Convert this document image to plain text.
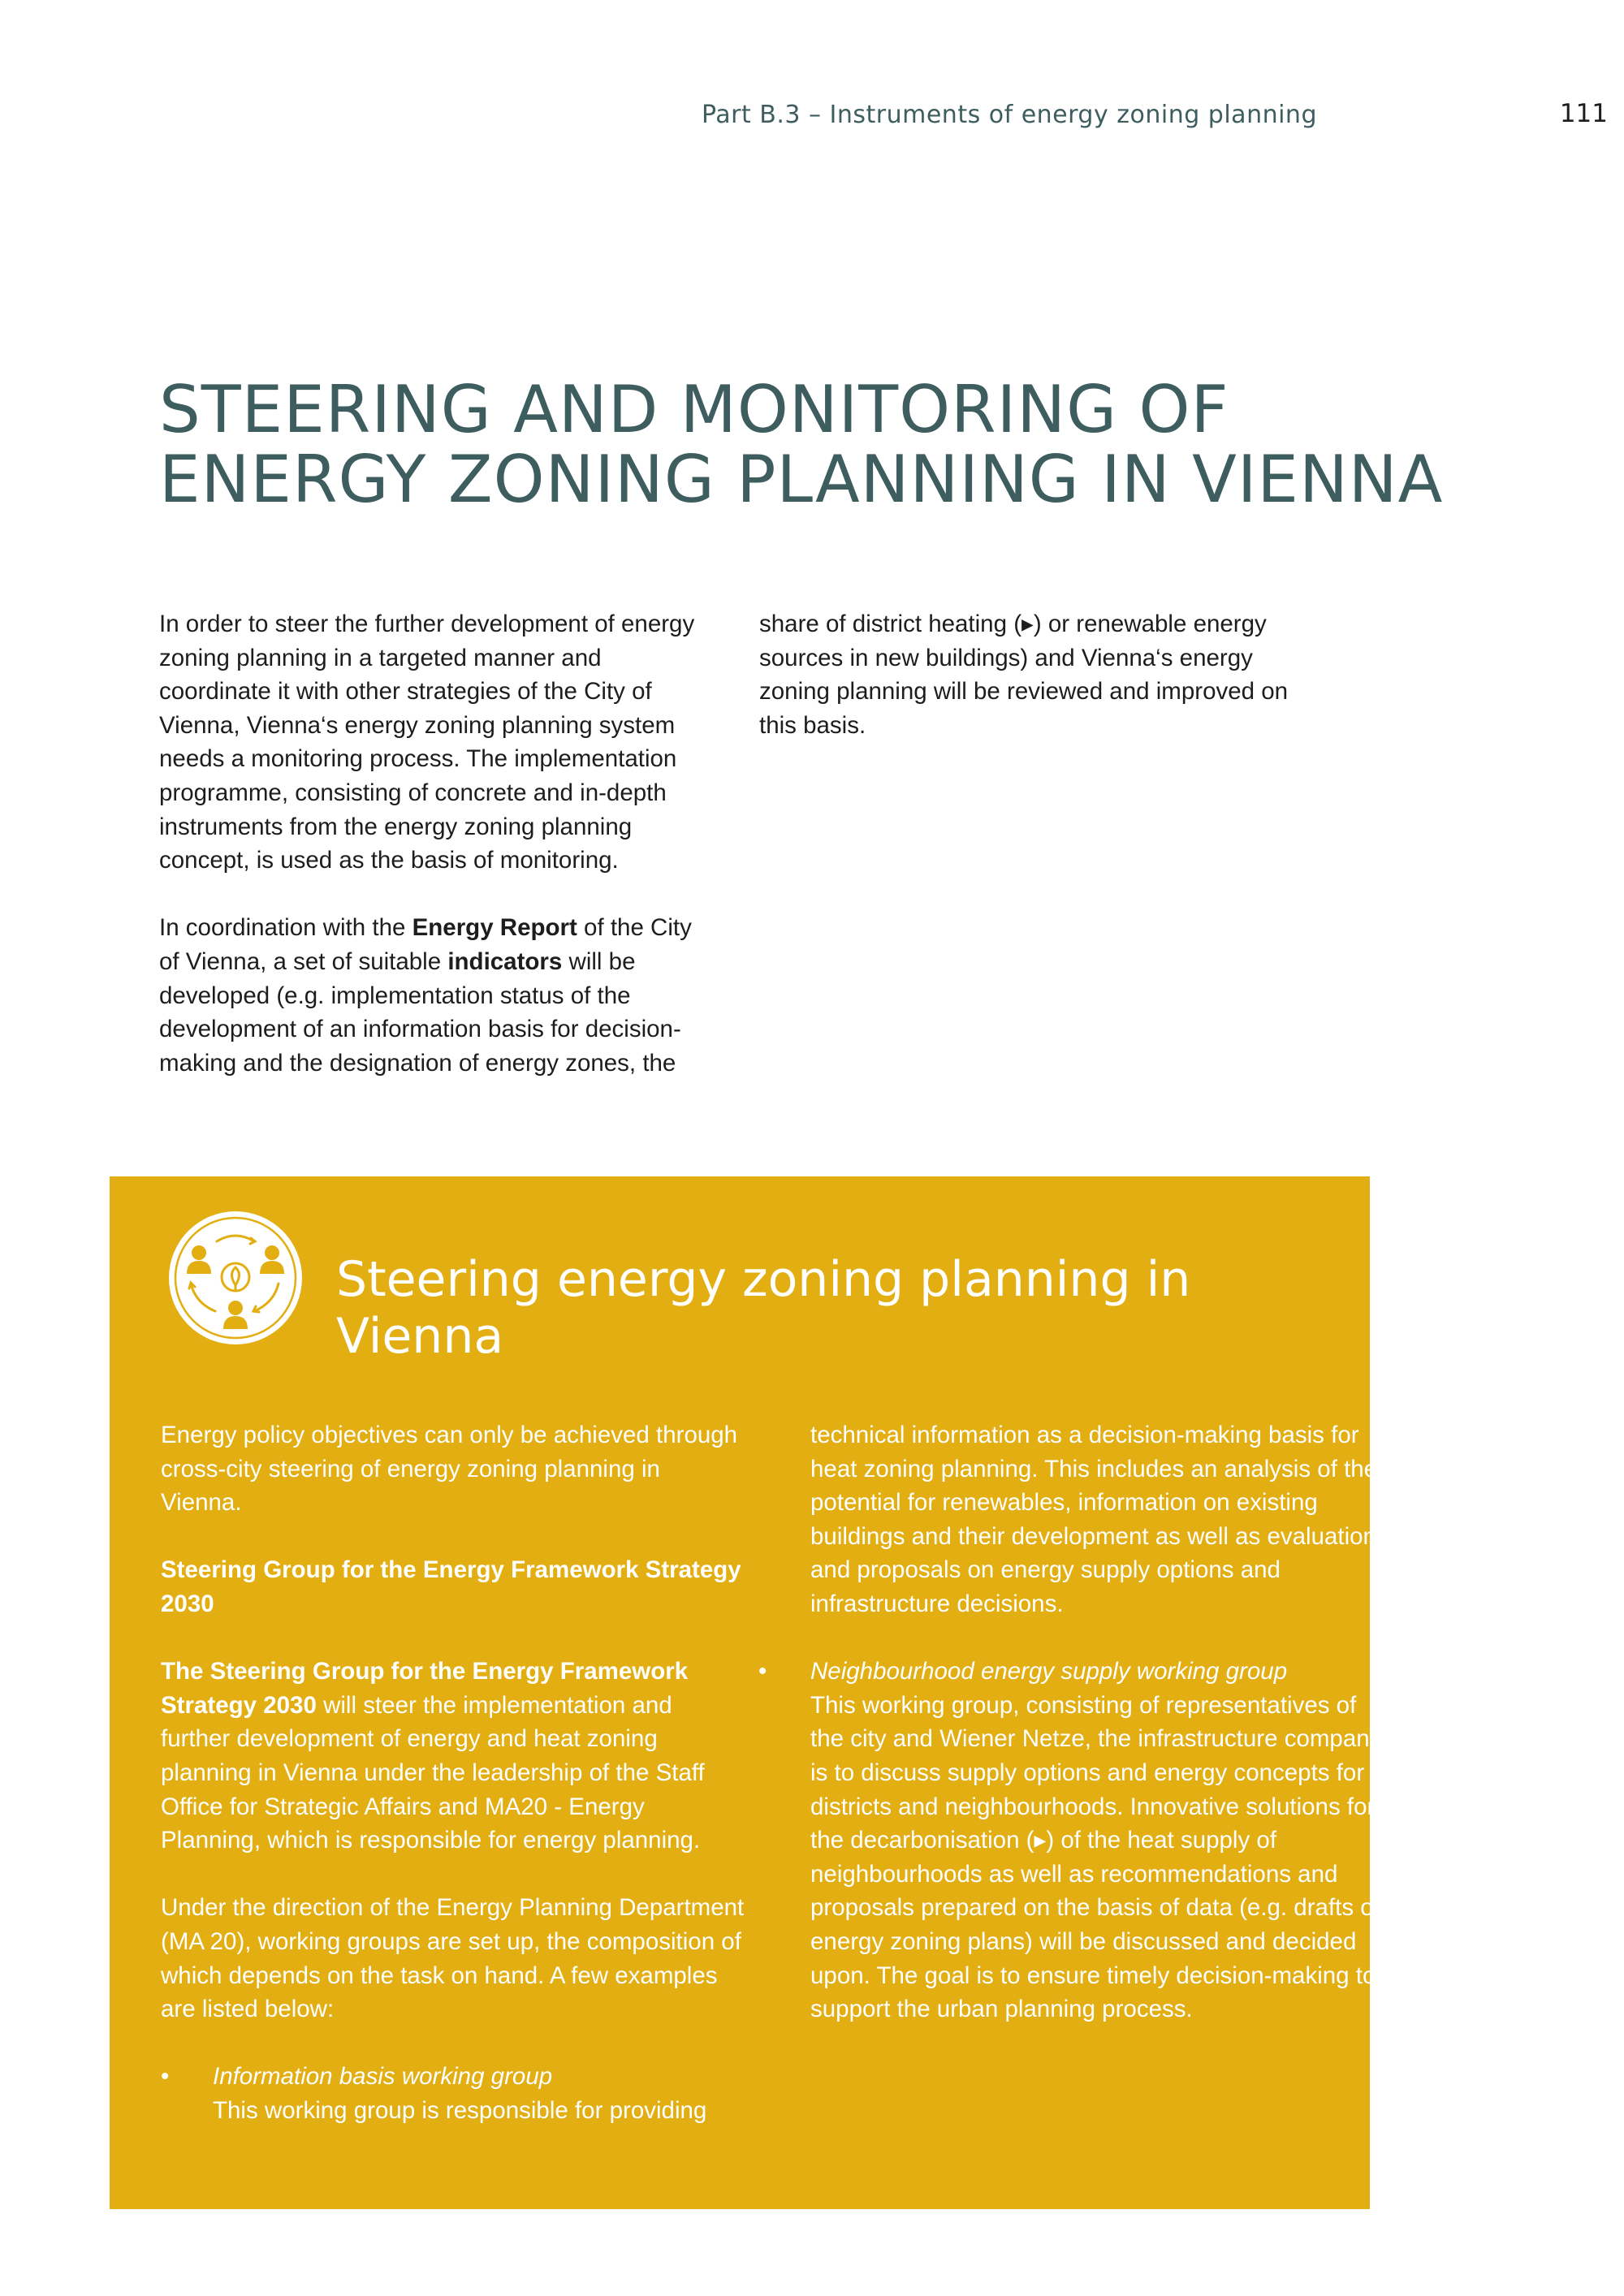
Part B.3 – Instruments of energy zoning planning	111
STEERING AND MONITORING OF
ENERGY ZONING PLANNING IN VIENNA

In order to steer the further development of energy zoning planning in a targeted manner and coordinate it with other strategies of the City of Vienna, Vienna‘s energy zoning planning system needs a monitoring process. The implementation programme, consisting of concrete and in-depth instruments from the energy zoning planning concept, is used as the basis of monitoring.

In coordination with the Energy Report of the City of Vienna, a set of suitable indicators will be developed (e.g. implementation status of the development of an information basis for decision-making and the designation of energy zones, the

share of district heating (▸) or renewable energy sources in new buildings) and Vienna‘s energy zoning planning will be reviewed and improved on this basis.

Steering energy zoning planning in Vienna

Energy policy objectives can only be achieved through cross-city steering of energy zoning planning in Vienna.

Steering Group for the Energy Framework Strategy 2030

The Steering Group for the Energy Framework Strategy 2030 will steer the implementation and further development of energy and heat zoning planning in Vienna under the leadership of the Staff Office for Strategic Affairs and MA20 - Energy Planning, which is responsible for energy planning.

Under the direction of the Energy Planning Department (MA 20), working groups are set up, the composition of which depends on the task on hand. A few examples are listed below:

• Information basis working group
This working group is responsible for providing
technical information as a decision-making basis for heat zoning planning. This includes an analysis of the potential for renewables, information on existing buildings and their development as well as evaluations and proposals on energy supply options and infrastructure decisions.
• Neighbourhood energy supply working group
This working group, consisting of representatives of the city and Wiener Netze, the infrastructure company, is to discuss supply options and energy concepts for districts and neighbourhoods. Innovative solutions for the decarbonisation (▸) of the heat supply of neighbourhoods as well as recommendations and proposals prepared on the basis of data (e.g. drafts of energy zoning plans) will be discussed and decided upon. The goal is to ensure timely decision-making to support the urban planning process.
